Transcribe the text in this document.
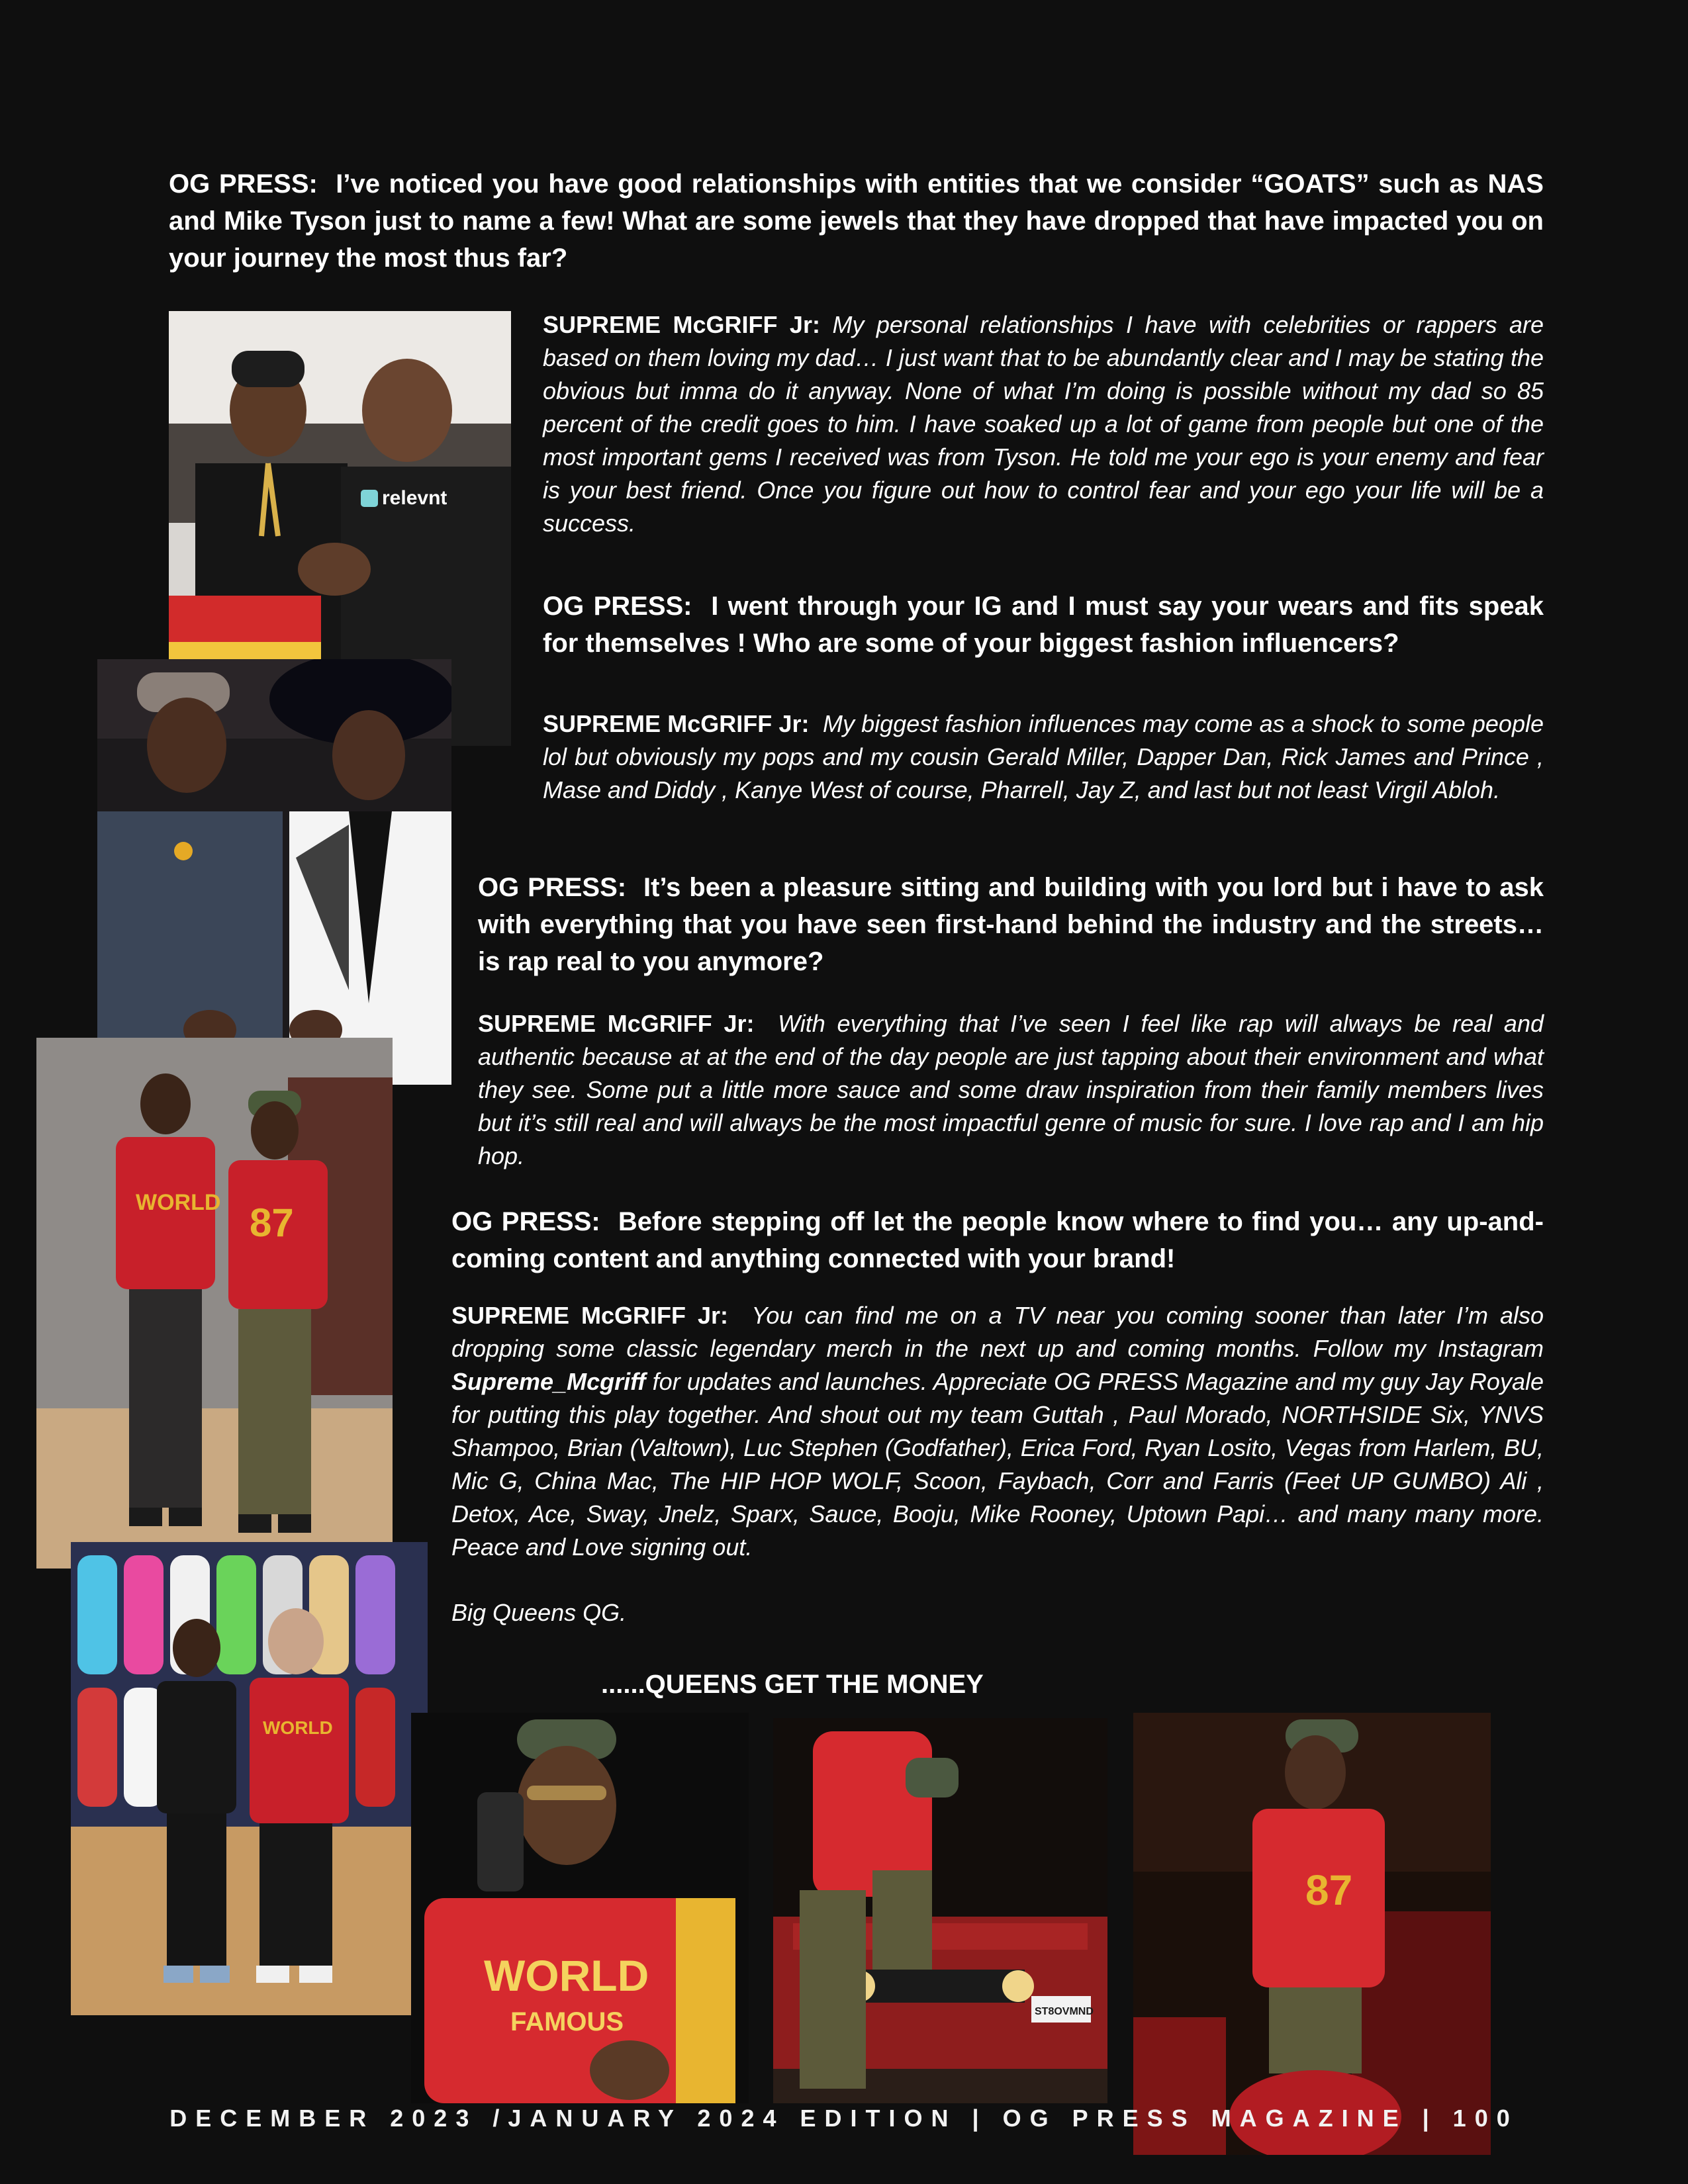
OG PRESS: I’ve noticed you have good relationships with entities that we consider “GOATS” such as NAS and Mike Tyson just to name a few! What are some jewels that they have dropped that have impacted you on your journey the most thus far?

SUPREME McGRIFF Jr: My personal relationships I have with celebrities or rappers are based on them loving my dad… I just want that to be abundantly clear and I may be stating the obvious but imma do it anyway. None of what I’m doing is possible without my dad so 85 percent of the credit goes to him. I have soaked up a lot of game from people but one of the most important gems I received was from Tyson. He told me your ego is your enemy and fear is your best friend. Once you figure out how to control fear and your ego your life will be a success.

OG PRESS: I went through your IG and I must say your wears and fits speak for themselves ! Who are some of your biggest fashion influencers?

SUPREME McGRIFF Jr: My biggest fashion influences may come as a shock to some people lol but obviously my pops and my cousin Gerald Miller, Dapper Dan, Rick James and Prince , Mase and Diddy , Kanye West of course, Pharrell, Jay Z, and last but not least Virgil Abloh.

OG PRESS: It’s been a pleasure sitting and building with you lord but i have to ask with everything that you have seen first-hand behind the industry and the streets… is rap real to you anymore?

SUPREME McGRIFF Jr: With everything that I’ve seen I feel like rap will always be real and authentic because at at the end of the day people are just tapping about their environment and what they see. Some put a little more sauce and some draw inspiration from their family members lives but it’s still real and will always be the most impactful genre of music for sure. I love rap and I am hip hop.

OG PRESS: Before stepping off let the people know where to find you… any up-and-coming content and anything connected with your brand!

SUPREME McGRIFF Jr: You can find me on a TV near you coming sooner than later I’m also dropping some classic legendary merch in the next up and coming months. Follow my Instagram Supreme_Mcgriff for updates and launches. Appreciate OG PRESS Magazine and my guy Jay Royale for putting this play together. And shout out my team Guttah , Paul Morado, NORTHSIDE Six, YNVS Shampoo, Brian (Valtown), Luc Stephen (Godfather), Erica Ford, Ryan Losito, Vegas from Harlem, BU, Mic G, China Mac, The HIP HOP WOLF, Scoon, Faybach, Corr and Farris (Feet UP GUMBO) Ali , Detox, Ace, Sway, Jnelz, Sparx, Sauce, Booju, Mike Rooney, Uptown Papi… and many many more. Peace and Love signing out.

Big Queens QG.

......QUEENS GET THE MONEY
relevnt
WORLD 87
WORLD
WORLD
FAMOUS	ST8OVMND
87
DECEMBER 2023 /JANUARY 2024 EDITION | OG PRESS MAGAZINE | 100
